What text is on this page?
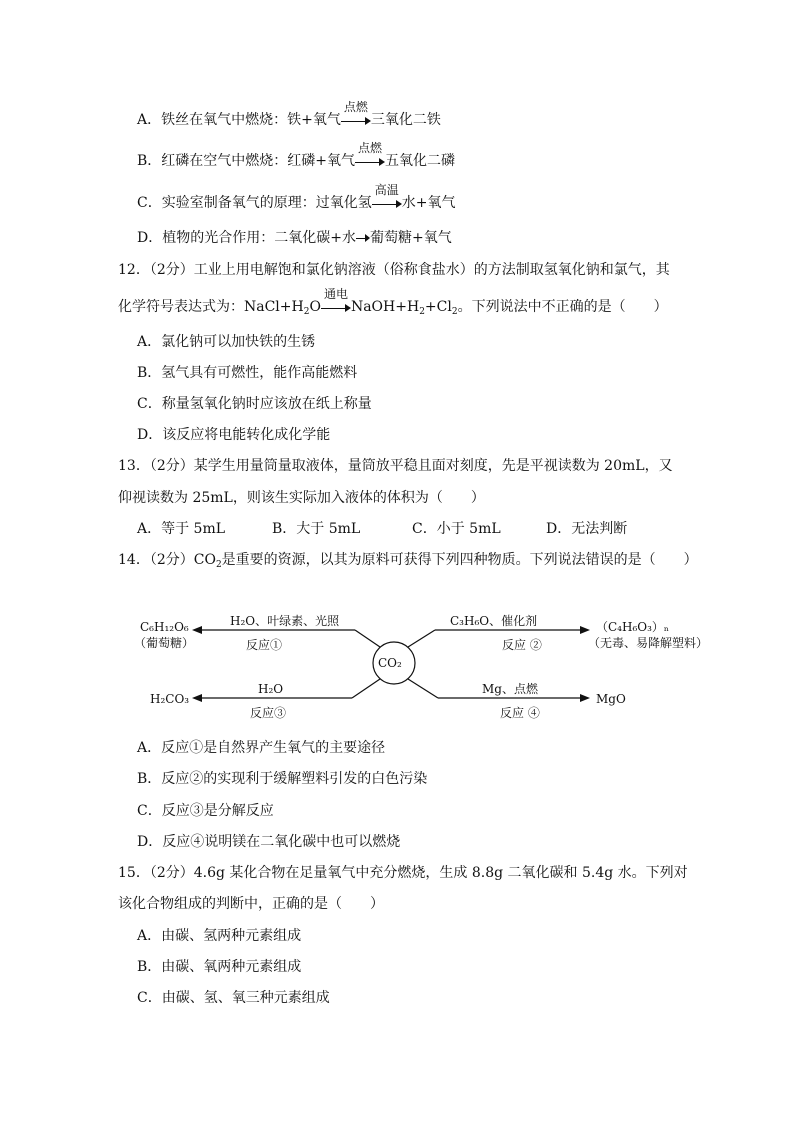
A．铁丝在氧气中燃烧：铁+氧气
点燃
三氧化二铁
B．红磷在空气中燃烧：红磷+氧气
点燃
五氧化二磷
C．实验室制备氧气的原理：过氧化氢
高温
水+氧气
D．植物的光合作用：二氧化碳+水 葡萄糖+氧气
12．（2分）工业上用电解饱和氯化钠溶液（俗称食盐水）的方法制取氢氧化钠和氯气，其
化学符号表达式为：$NaCl+H_2O$
通电
$NaOH+H_2+Cl_2$。下列说法中不正确的是（　　）
A．氯化钠可以加快铁的生锈
B．氢气具有可燃性，能作高能燃料
C．称量氢氧化钠时应该放在纸上称量
D．该反应将电能转化成化学能
13．（2分）某学生用量筒量取液体，量筒放平稳且面对刻度，先是平视读数为 20mL，又
仰视读数为 25mL，则该生实际加入液体的体积为（　　）
A．等于 5mL	B．大于 5mL	C．小于 5mL	D．无法判断
14．（2分）$CO_2$是重要的资源，以其为原料可获得下列四种物质。下列说法错误的是（　　）
CO₂
C₆H₁₂O₆
（葡萄糖）
H₂O、叶绿素、光照
反应①
C₃H₆O、催化剂
反应 ②
（C₄H₆O₃）ₙ
（无毒、易降解塑料）
H₂CO₃
H₂O
反应③
Mg、点燃
反应 ④
MgO
A．反应①是自然界产生氧气的主要途径
B．反应②的实现利于缓解塑料引发的白色污染
C．反应③是分解反应
D．反应④说明镁在二氧化碳中也可以燃烧
15．（2分）4.6g 某化合物在足量氧气中充分燃烧，生成 8.8g 二氧化碳和 5.4g 水。下列对
该化合物组成的判断中，正确的是（　　）
A．由碳、氢两种元素组成
B．由碳、氧两种元素组成
C．由碳、氢、氧三种元素组成
